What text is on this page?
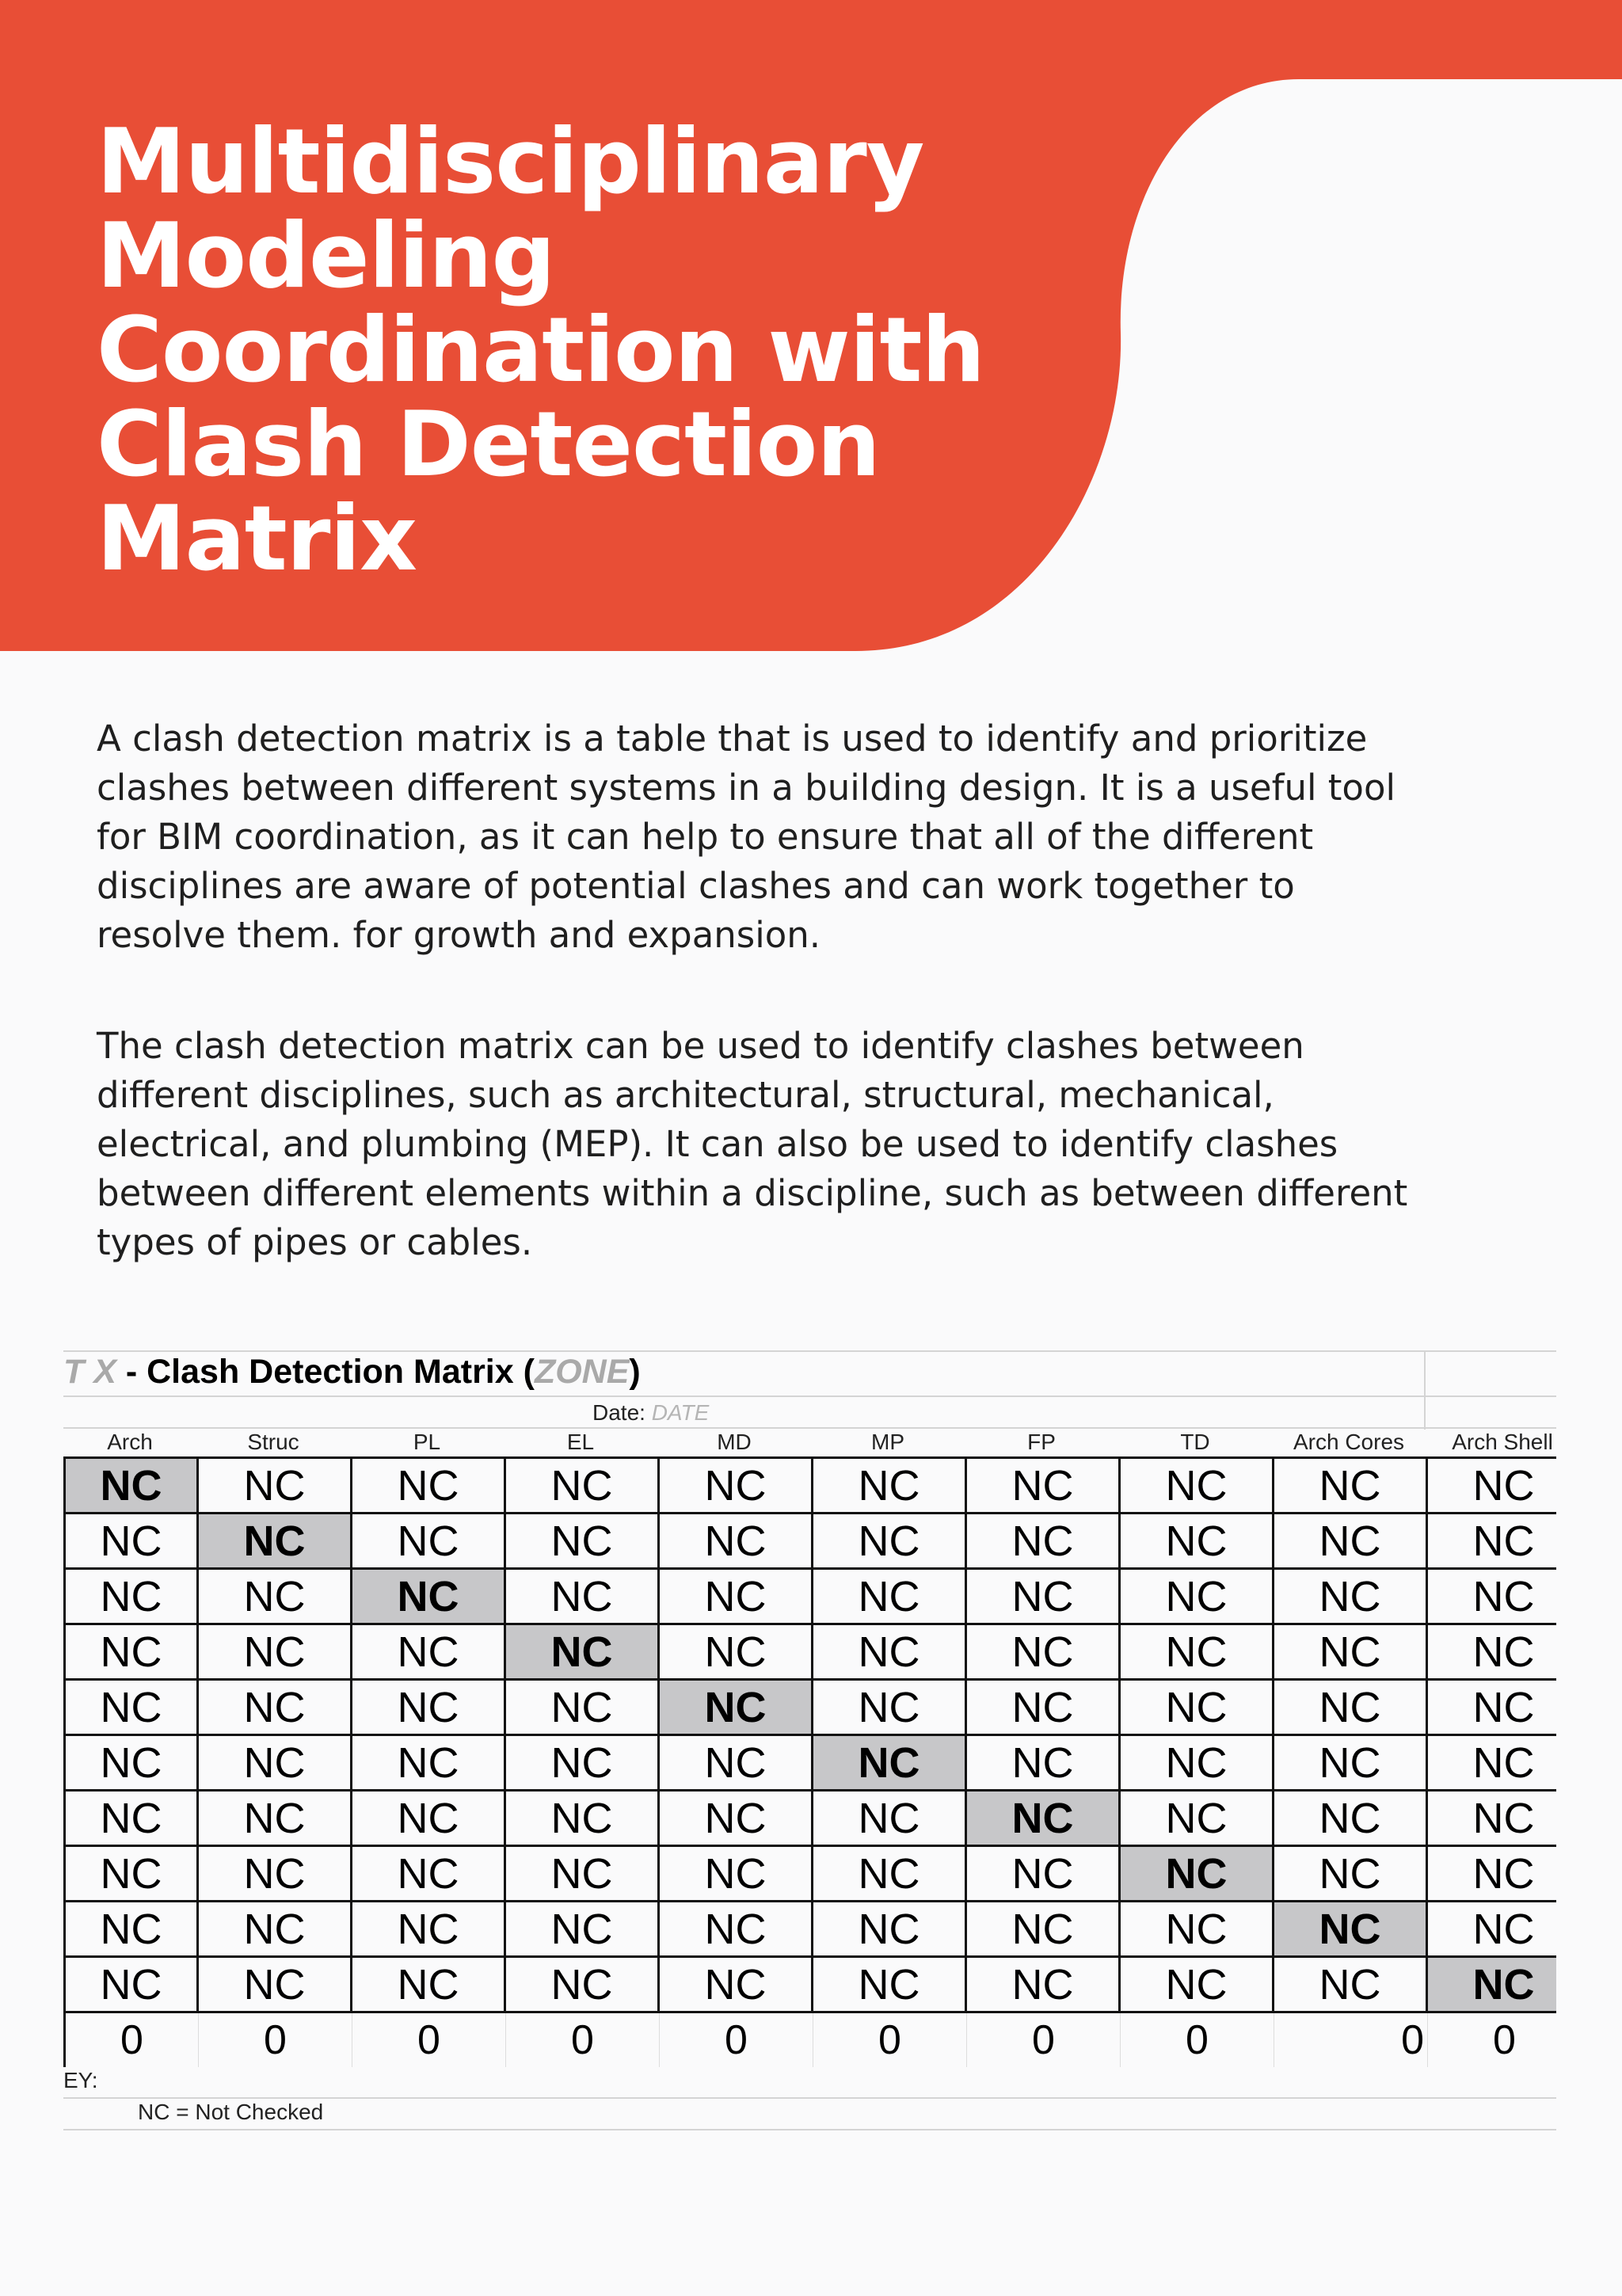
Multidisciplinary
Modeling
Coordination with
Clash Detection
Matrix

A clash detection matrix is a table that is used to identify and prioritize
clashes between different systems in a building design. It is a useful tool
for BIM coordination, as it can help to ensure that all of the different
disciplines are aware of potential clashes and can work together to
resolve them. for growth and expansion.

The clash detection matrix can be used to identify clashes between
different disciplines, such as architectural, structural, mechanical,
electrical, and plumbing (MEP). It can also be used to identify clashes
between different elements within a discipline, such as between different
types of pipes or cables.

T X - Clash Detection Matrix (ZONE)
Date: DATE
Arch	Struc	PL	EL	MD	MP	FP	TD	Arch Cores	Arch Shell
NC	NC	NC	NC	NC	NC	NC	NC	NC	NC
NC	NC	NC	NC	NC	NC	NC	NC	NC	NC
NC	NC	NC	NC	NC	NC	NC	NC	NC	NC
NC	NC	NC	NC	NC	NC	NC	NC	NC	NC
NC	NC	NC	NC	NC	NC	NC	NC	NC	NC
NC	NC	NC	NC	NC	NC	NC	NC	NC	NC
NC	NC	NC	NC	NC	NC	NC	NC	NC	NC
NC	NC	NC	NC	NC	NC	NC	NC	NC	NC
NC	NC	NC	NC	NC	NC	NC	NC	NC	NC
NC	NC	NC	NC	NC	NC	NC	NC	NC	NC
0	0	0	0	0	0	0	0	0	0
EY:
NC = Not Checked
